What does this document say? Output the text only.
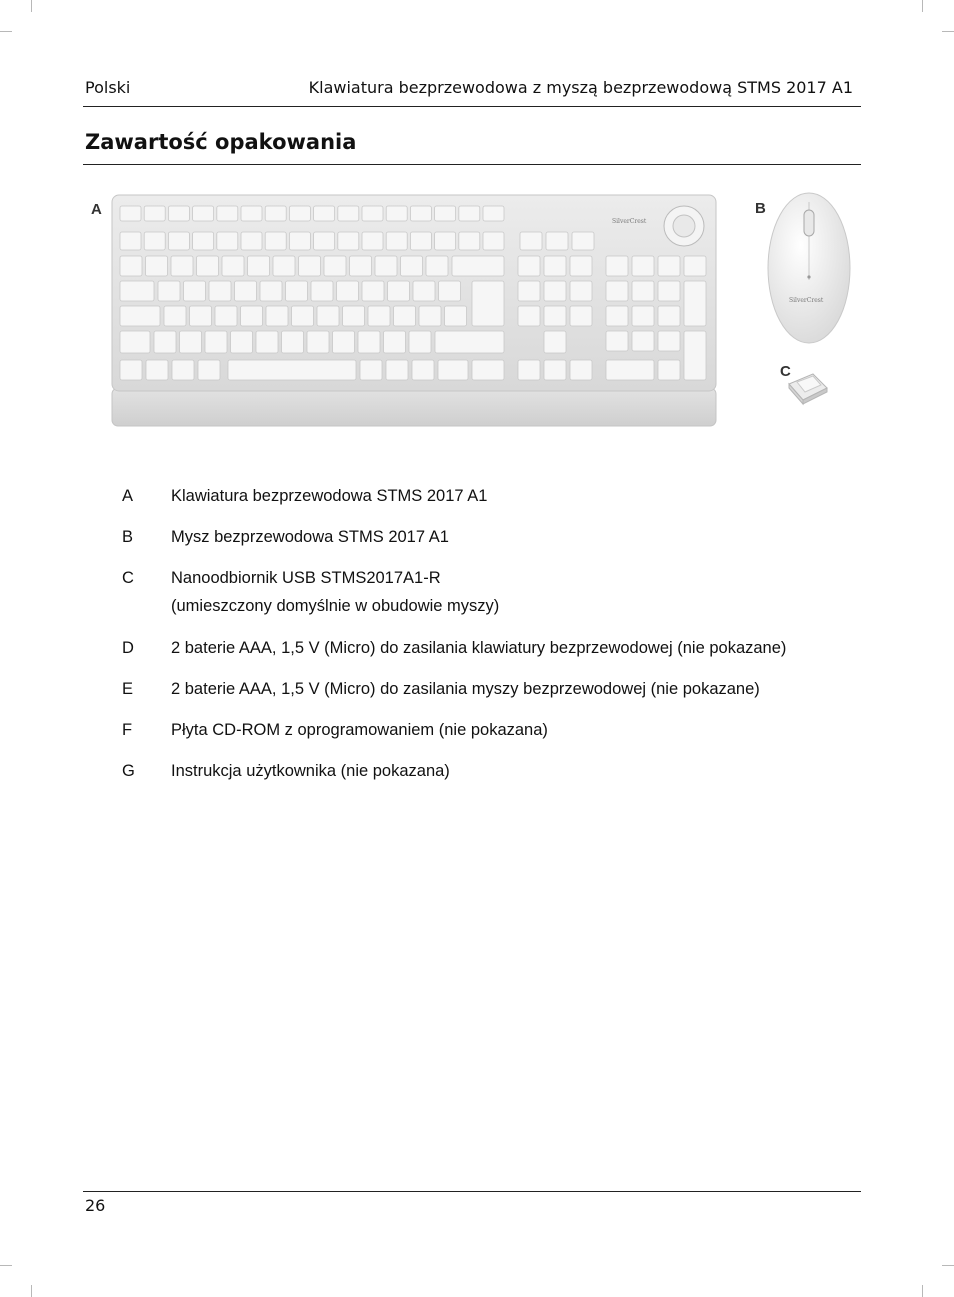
Polski	Klawiatura bezprzewodowa z myszą bezprzewodową STMS 2017 A1
Zawartość opakowania
A	B
C
SilverCrest
SilverCrest
A Klawiatura bezprzewodowa STMS 2017 A1
B Mysz bezprzewodowa STMS 2017 A1
C Nanoodbiornik USB STMS2017A1-R
(umieszczony domyślnie w obudowie myszy)
D 2 baterie AAA, 1,5 V (Micro) do zasilania klawiatury bezprzewodowej (nie pokazane)
E 2 baterie AAA, 1,5 V (Micro) do zasilania myszy bezprzewodowej (nie pokazane)
F Płyta CD-ROM z oprogramowaniem (nie pokazana)
G Instrukcja użytkownika (nie pokazana)
26
